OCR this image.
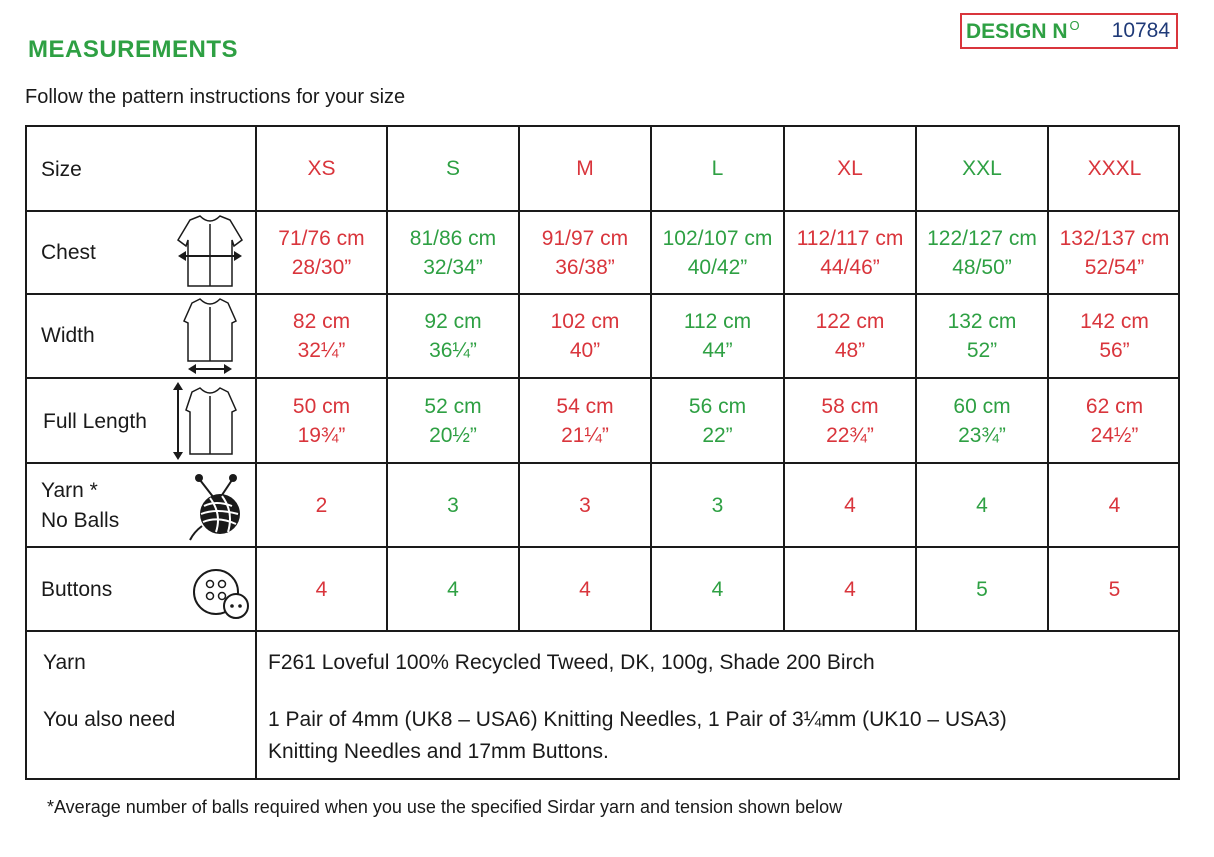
MEASUREMENTS
DESIGN N $^O$ 10784
Follow the pattern instructions for your size
Size
Chest
Width
Full Length
Yarn *
No Balls
Buttons
XS
71/76 cm
28/30”
82 cm
32¼”
50 cm
19¾”
2
4
S
81/86 cm
32/34”
92 cm
36¼”
52 cm
20½”
3
4
M
91/97 cm
36/38”
102 cm
40”
54 cm
21¼”
3
4
L
102/107 cm
40/42”
112 cm
44”
56 cm
22”
3
4
XL
112/117 cm
44/46”
122 cm
48”
58 cm
22¾”
4
4
XXL
122/127 cm
48/50”
132 cm
52”
60 cm
23¾”
4
5
XXXL
132/137 cm
52/54”
142 cm
56”
62 cm
24½”
4
5
Yarn	F261 Loveful 100% Recycled Tweed, DK, 100g, Shade 200 Birch
You also need	1 Pair of 4mm (UK8 – USA6) Knitting Needles, 1 Pair of 3¼mm (UK10 – USA3)
Knitting Needles and 17mm Buttons.
*Average number of balls required when you use the specified Sirdar yarn and tension shown below
